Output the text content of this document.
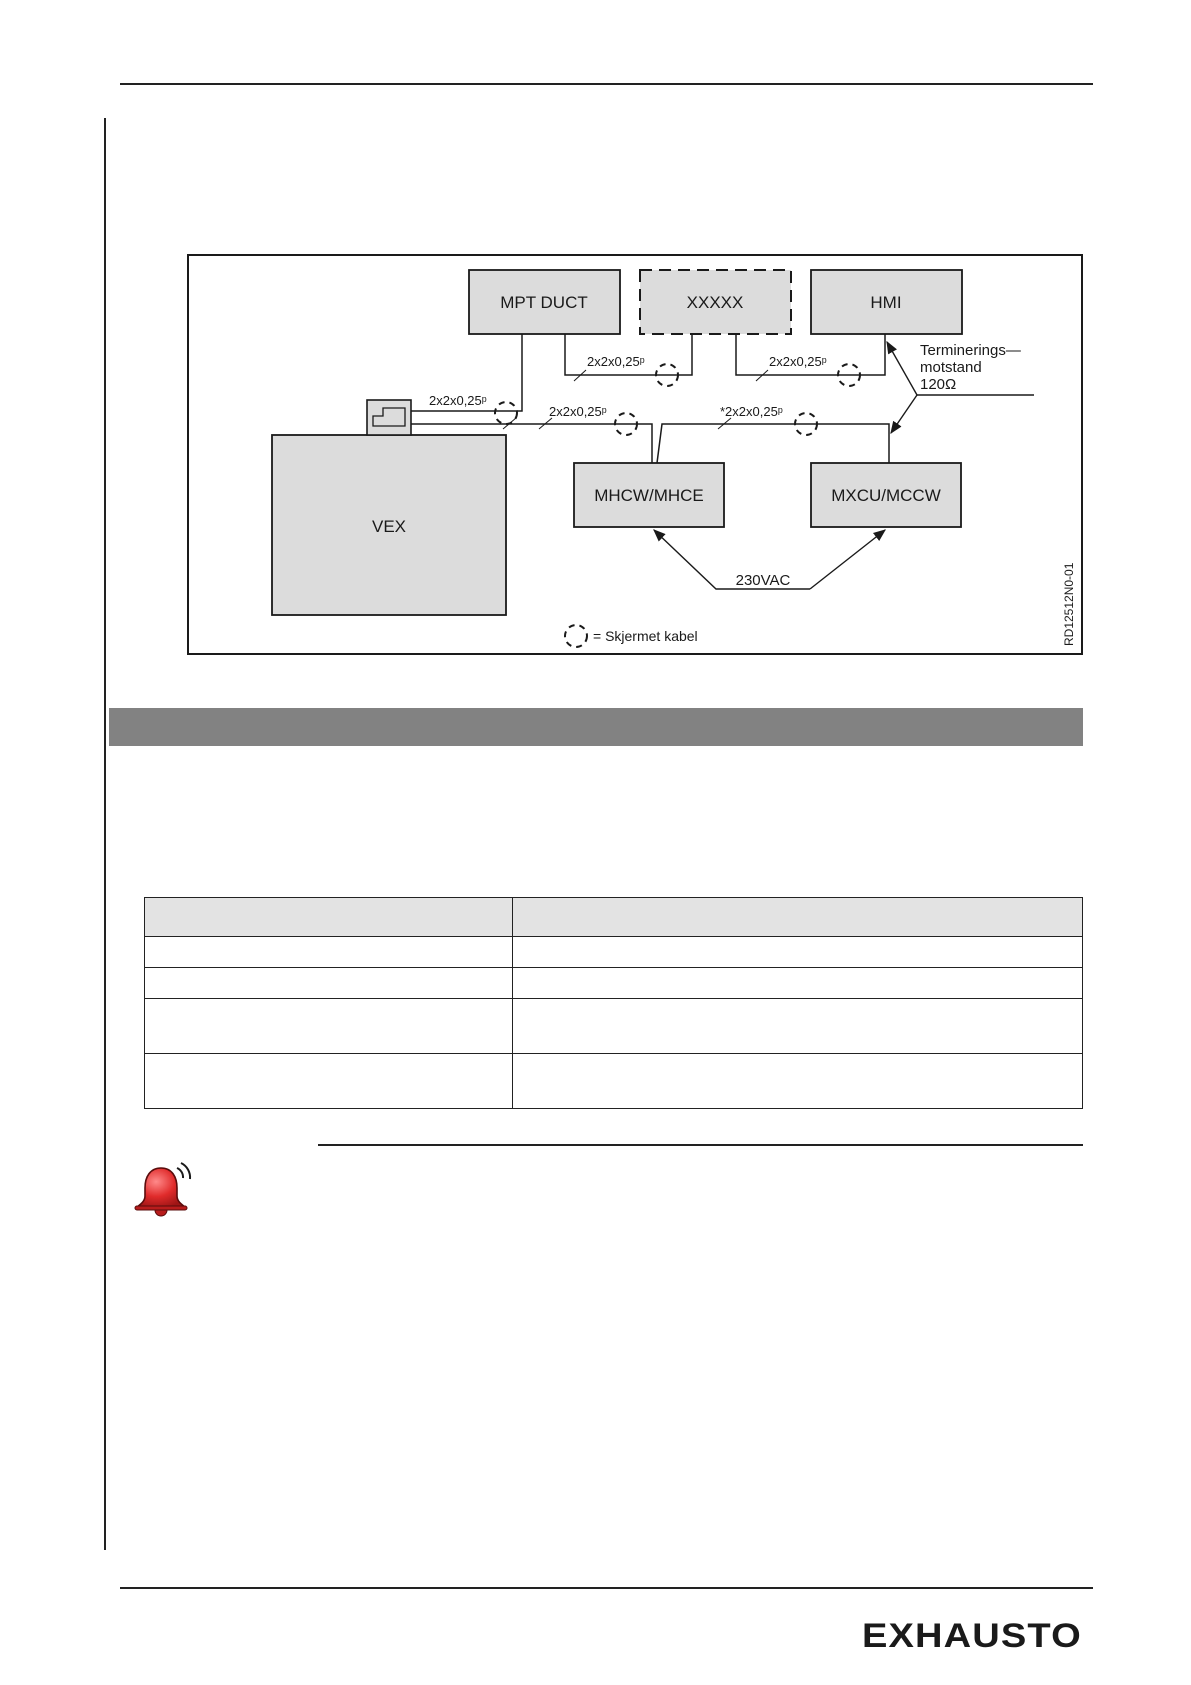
MPT DUCT	XXXXX	HMI
VEX
MHCW/MHCE	MXCU/MCCW
2x2x0,25ᵖ	2x2x0,25ᵖ
2x2x0,25ᵖ
2x2x0,25ᵖ	*2x2x0,25ᵖ
Terminerings—
motstand
120Ω
230VAC
= Skjermet kabel	RD12512N0-01

EXHAUSTO
